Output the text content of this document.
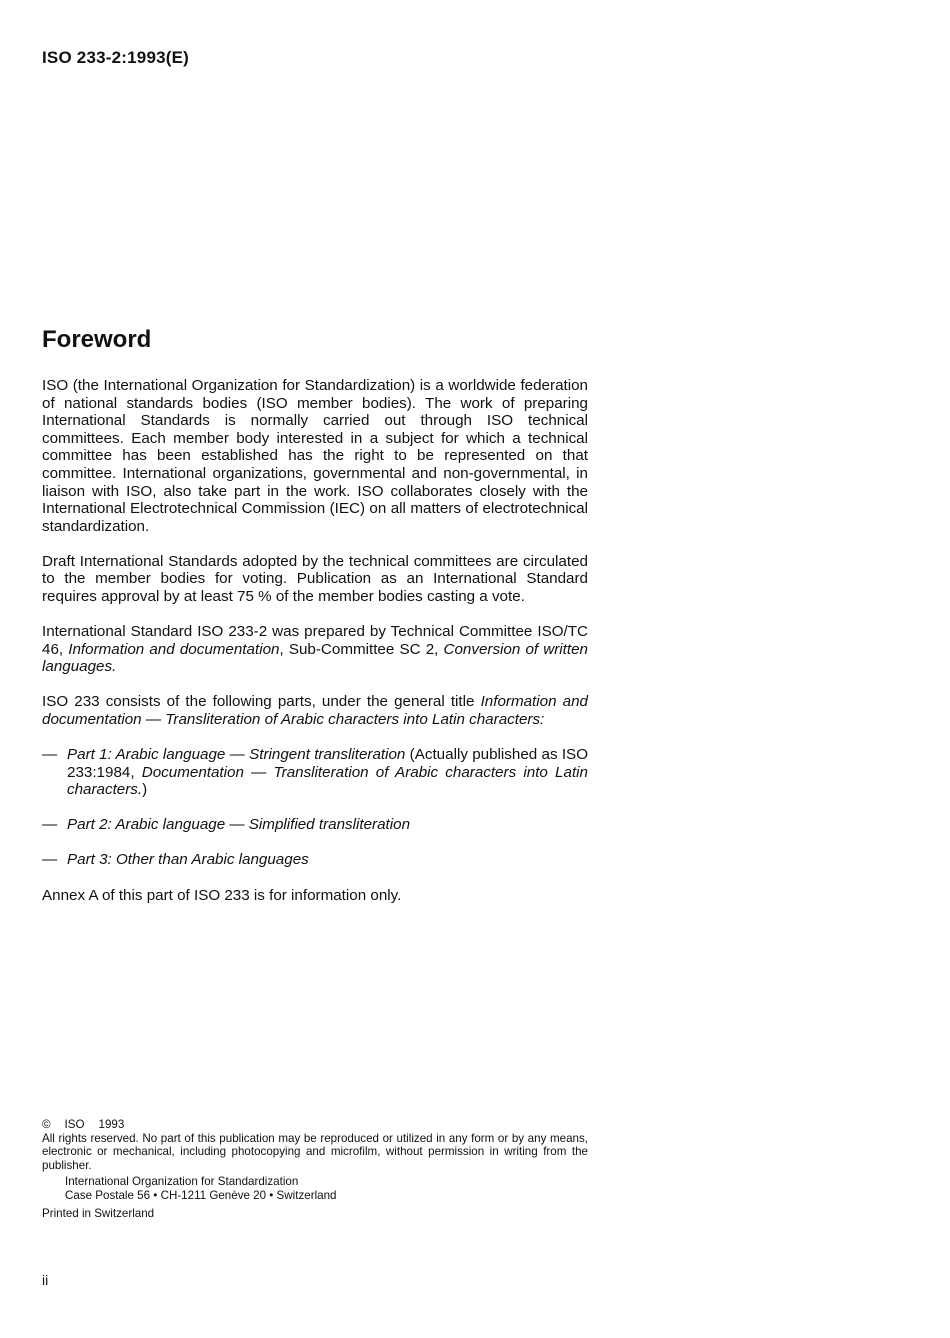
ISO 233-2:1993(E)
Foreword

ISO (the International Organization for Standardization) is a worldwide federation of national standards bodies (ISO member bodies). The work of preparing International Standards is normally carried out through ISO technical committees. Each member body interested in a subject for which a technical committee has been established has the right to be represented on that committee. International organizations, governmental and non-governmental, in liaison with ISO, also take part in the work. ISO collaborates closely with the International Electrotechnical Commission (IEC) on all matters of electrotechnical standardization.

Draft International Standards adopted by the technical committees are circulated to the member bodies for voting. Publication as an International Standard requires approval by at least 75 % of the member bodies casting a vote.

International Standard ISO 233-2 was prepared by Technical Committee ISO/TC 46, Information and documentation, Sub-Committee SC 2, Conversion of written languages.

ISO 233 consists of the following parts, under the general title Information and documentation — Transliteration of Arabic characters into Latin characters:

— Part 1: Arabic language — Stringent transliteration (Actually published as ISO 233:1984, Documentation — Transliteration of Arabic characters into Latin characters.)
— Part 2: Arabic language — Simplified transliteration
— Part 3: Other than Arabic languages

Annex A of this part of ISO 233 is for information only.

© ISO 1993

All rights reserved. No part of this publication may be reproduced or utilized in any form or by any means, electronic or mechanical, including photocopying and microfilm, without permission in writing from the publisher.

International Organization for Standardization

Case Postale 56 • CH-1211 Genève 20 • Switzerland

Printed in Switzerland

ii
